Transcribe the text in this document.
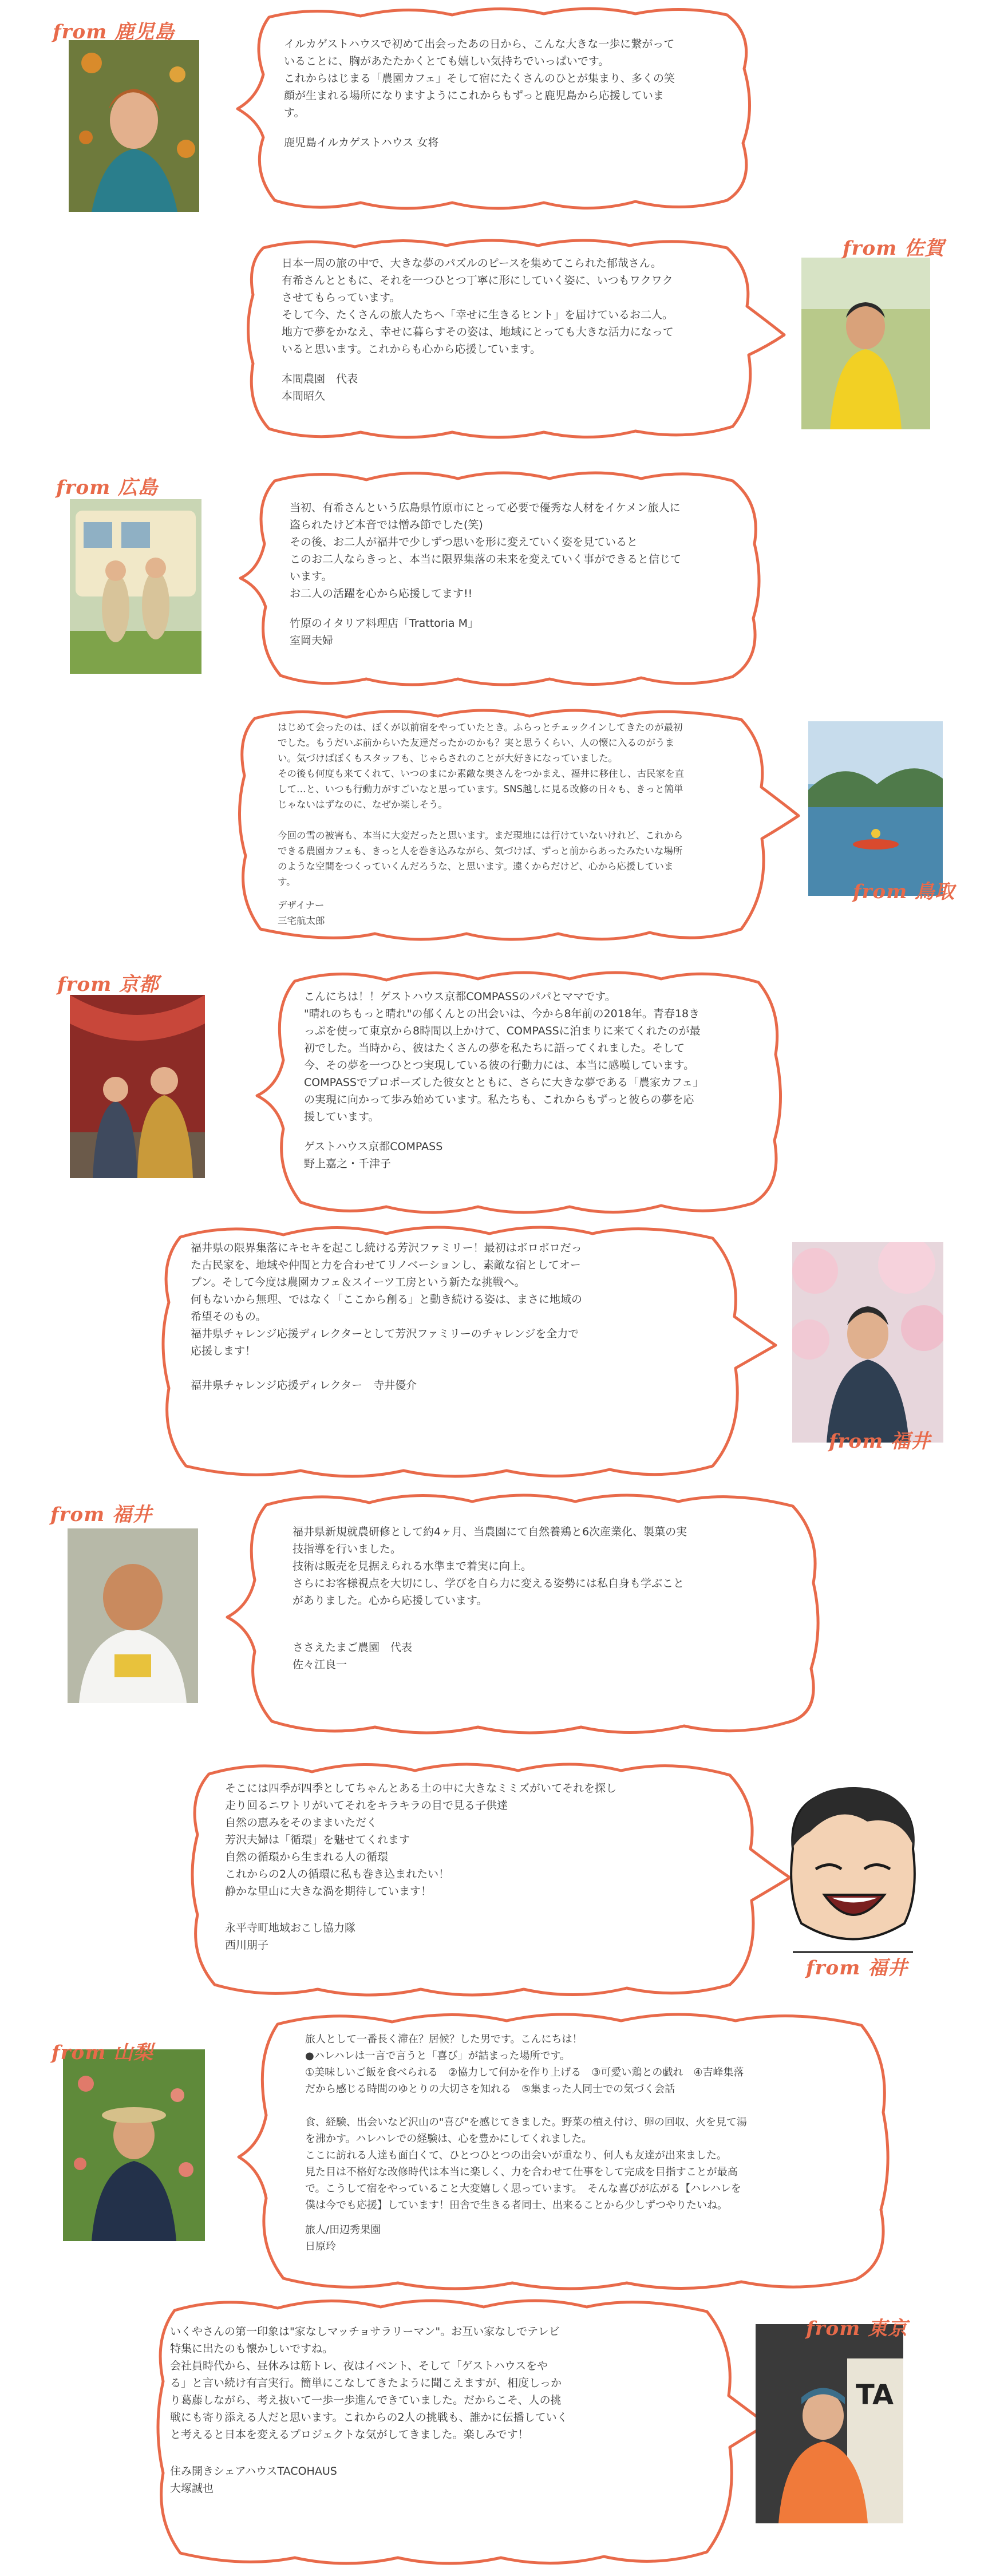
イルカゲストハウスで初めて出会ったあの日から、こんな大きな一歩に繋がって
いることに、胸があたたかくとても嬉しい気持ちでいっぱいです。
これからはじまる「農園カフェ」そして宿にたくさんのひとが集まり、多くの笑
顔が生まれる場所になりますようにこれからもずっと鹿児島から応援していま
す。

鹿児島イルカゲストハウス 女将

from 鹿児島

日本一周の旅の中で、大きな夢のパズルのピースを集めてこられた郁哉さん。
有希さんとともに、それを一つひとつ丁寧に形にしていく姿に、いつもワクワク
させてもらっています。
そして今、たくさんの旅人たちへ「幸せに生きるヒント」を届けているお二人。
地方で夢をかなえ、幸せに暮らすその姿は、地域にとっても大きな活力になって
いると思います。これからも心から応援しています。

本間農園　代表
本間昭久

from 佐賀

当初、有希さんという広島県竹原市にとって必要で優秀な人材をイケメン旅人に
盗られたけど本音では憎み節でした(笑)
その後、お二人が福井で少しずつ思いを形に変えていく姿を見ていると
このお二人ならきっと、本当に限界集落の未来を変えていく事ができると信じて
います。
お二人の活躍を心から応援してます!!

竹原のイタリア料理店「Trattoria M」
室岡夫婦

from 広島

はじめて会ったのは、ぼくが以前宿をやっていたとき。ふらっとチェックインしてきたのが最初
でした。もうだいぶ前からいた友達だったかのかも？実と思うくらい、人の懐に入るのがうま
い。気づけばぼくもスタッフも、じゃらされのことが大好きになっていました。
その後も何度も来てくれて、いつのまにか素敵な奥さんをつかまえ、福井に移住し、古民家を直
して…と、いつも行動力がすごいなと思っています。SNS越しに見る改修の日々も、きっと簡単
じゃないはずなのに、なぜか楽しそう。

今回の雪の被害も、本当に大変だったと思います。まだ現地には行けていないけれど、これから
できる農園カフェも、きっと人を巻き込みながら、気づけば、ずっと前からあったみたいな場所
のような空間をつくっていくんだろうな、と思います。遠くからだけど、心から応援していま
す。

デザイナー
三宅航太郎

from 鳥取

こんにちは！！ゲストハウス京都COMPASSのパパとママです。
"晴れのちもっと晴れ"の郁くんとの出会いは、今から8年前の2018年。青春18き
っぷを使って東京から8時間以上かけて、COMPASSに泊まりに来てくれたのが最
初でした。当時から、彼はたくさんの夢を私たちに語ってくれました。そして
今、その夢を一つひとつ実現している彼の行動力には、本当に感嘆しています。
COMPASSでプロポーズした彼女とともに、さらに大きな夢である「農家カフェ」
の実現に向かって歩み始めています。私たちも、これからもずっと彼らの夢を応
援しています。

ゲストハウス京都COMPASS
野上嘉之・千津子

from 京都

福井県の限界集落にキセキを起こし続ける芳沢ファミリー！最初はボロボロだっ
た古民家を、地域や仲間と力を合わせてリノベーションし、素敵な宿としてオー
プン。そして今度は農園カフェ＆スイーツ工房という新たな挑戦へ。
何もないから無理、ではなく「ここから創る」と動き続ける姿は、まさに地域の
希望そのもの。
福井県チャレンジ応援ディレクターとして芳沢ファミリーのチャレンジを全力で
応援します！

福井県チャレンジ応援ディレクター　寺井優介

from 福井

福井県新規就農研修として約4ヶ月、当農園にて自然養鶏と6次産業化、製菓の実
技指導を行いました。
技術は販売を見据えられる水準まで着実に向上。
さらにお客様視点を大切にし、学びを自ら力に変える姿勢には私自身も学ぶこと
がありました。心から応援しています。

ささえたまご農園　代表
佐々江良一

from 福井

そこには四季が四季としてちゃんとある土の中に大きなミミズがいてそれを探し
走り回るニワトリがいてそれをキラキラの目で見る子供達
自然の恵みをそのままいただく
芳沢夫婦は「循環」を魅せてくれます
自然の循環から生まれる人の循環
これからの2人の循環に私も巻き込まれたい！
静かな里山に大きな渦を期待しています！

永平寺町地域おこし協力隊
西川朋子

from 福井

旅人として一番長く滞在？居候？した男です。こんにちは！
●ハレハレは一言で言うと「喜び」が詰まった場所です。
①美味しいご飯を食べられる　②協力して何かを作り上げる　③可愛い鶏との戯れ　④吉峰集落
だから感じる時間のゆとりの大切さを知れる　⑤集まった人同士での気づく会話

食、経験、出会いなど沢山の"喜び"を感じてきました。野菜の植え付け、卵の回収、火を見て湯
を沸かす。ハレハレでの経験は、心を豊かにしてくれました。
ここに訪れる人達も面白くて、ひとつひとつの出会いが重なり、何人も友達が出来ました。
見た目は不格好な改修時代は本当に楽しく、力を合わせて仕事をして完成を目指すことが最高
で。こうして宿をやっていること大変嬉しく思っています。　そんな喜びが広がる【ハレハレを
僕は今でも応援】しています！田舎で生きる者同士、出来ることから少しずつやりたいね。

旅人/田辺秀果園
日原玲

from 山梨

いくやさんの第一印象は"家なしマッチョサラリーマン"。お互い家なしでテレビ
特集に出たのも懐かしいですね。
会社員時代から、昼休みは筋トレ、夜はイベント、そして「ゲストハウスをや
る」と言い続け有言実行。簡単にこなしてきたように聞こえますが、相度しっか
り葛藤しながら、考え抜いて一歩一歩進んできていました。だからこそ、人の挑
戦にも寄り添える人だと思います。これからの2人の挑戦も、誰かに伝播していく
と考えると日本を変えるプロジェクトな気がしてきました。楽しみです！

住み開きシェアハウスTACOHAUS
大塚誠也

TA
from 東京
